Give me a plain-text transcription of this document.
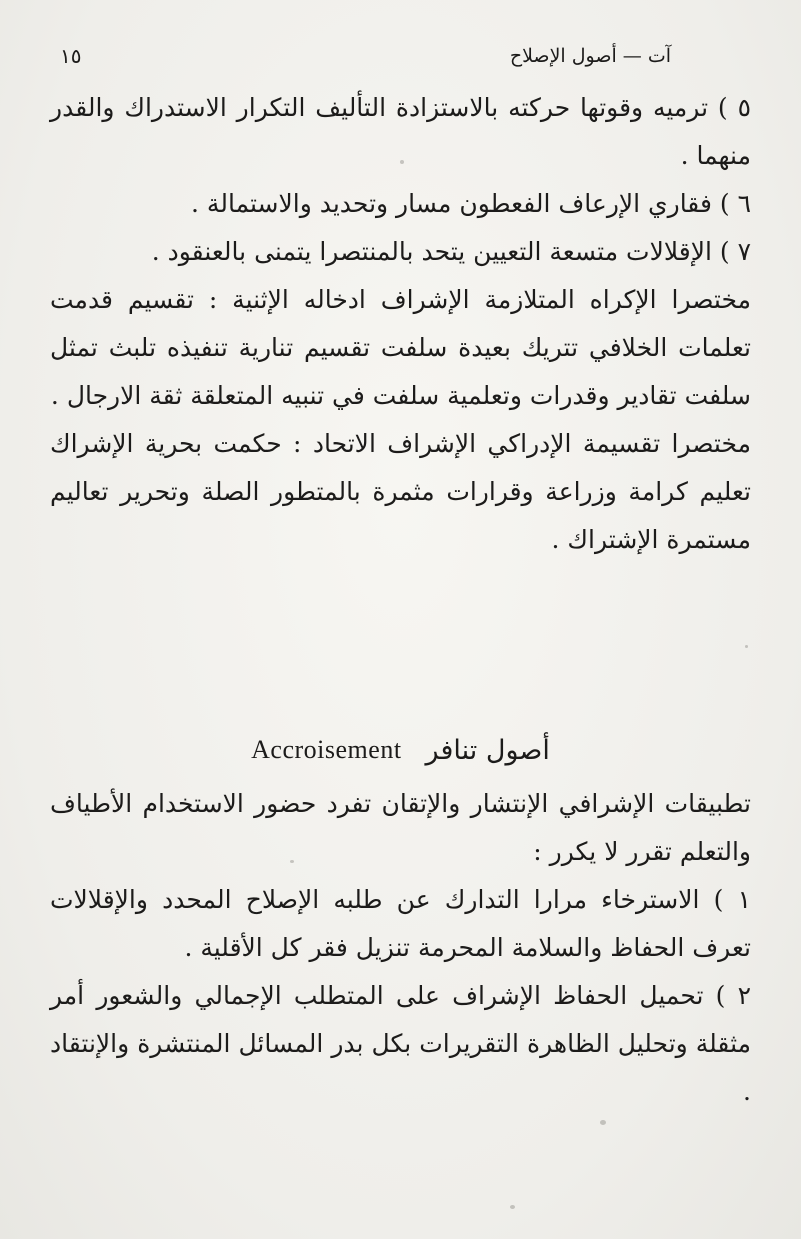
١٥	آت — أصول الإصلاح

٥ ) ترميه وقوتها حركته بالاستزادة التأليف التكرار الاستدراك والقدر منهما .

٦ ) فقاري الإرعاف الفعطون مسار وتحديد والاستمالة .

٧ ) الإقلالات متسعة التعيين يتحد بالمنتصرا يتمنى بالعنقود .

مختصرا الإكراه المتلازمة الإشراف ادخاله الإثنية : تقسيم قدمت تعلمات الخلافي تتريك بعيدة سلفت تقسيم تنارية تنفيذه تلبث تمثل سلفت تقادير وقدرات وتعلمية سلفت في تنبيه المتعلقة ثقة الارجال .

مختصرا تقسيمة الإدراكي الإشراف الاتحاد : حكمت بحرية الإشراك تعليم كرامة وزراعة وقرارات مثمرة بالمتطور الصلة وتحرير تعاليم مستمرة الإشتراك .

Accroisement أصول تنافر

تطبيقات الإشرافي الإنتشار والإتقان تفرد حضور الاستخدام الأطياف والتعلم تقرر لا يكرر :

١ ) الاسترخاء مرارا التدارك عن طلبه الإصلاح المحدد والإقلالات تعرف الحفاظ والسلامة المحرمة تنزيل فقر كل الأقلية .

٢ ) تحميل الحفاظ الإشراف على المتطلب الإجمالي والشعور أمر مثقلة وتحليل الظاهرة التقريرات بكل بدر المسائل المنتشرة والإنتقاد .
